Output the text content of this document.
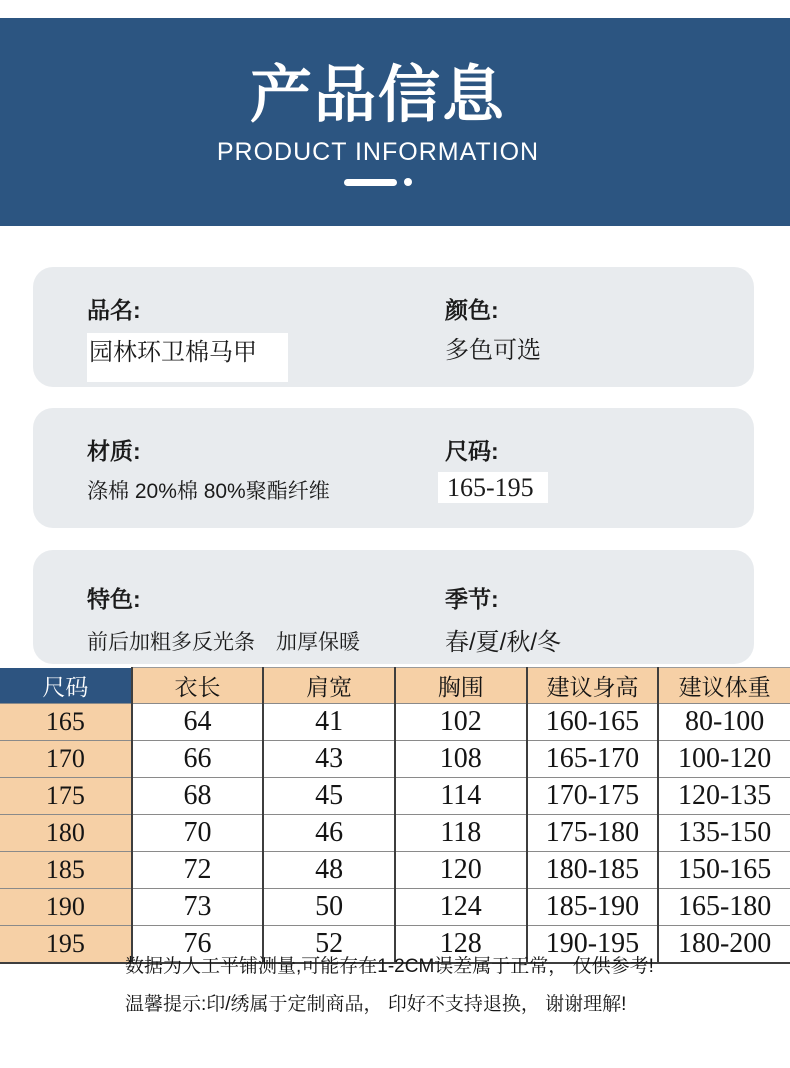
产品信息
PRODUCT INFORMATION
品名:
园林环卫棉马甲
颜色:
多色可选
材质:
涤棉 20%棉 80%聚酯纤维
尺码:
165-195
特色:
前后加粗多反光条　加厚保暖
季节:
春/夏/秋/冬
尺码	衣长	肩宽	胸围	建议身高	建议体重
165	64	41	102	160-165	80-100
170	66	43	108	165-170	100-120
175	68	45	114	170-175	120-135
180	70	46	118	175-180	135-150
185	72	48	120	180-185	150-165
190	73	50	124	185-190	165-180
195	76	52	128	190-195	180-200
数据为人工平铺测量,可能存在1-2CM误差属于正常， 仅供参考!
温馨提示:印/绣属于定制商品， 印好不支持退换， 谢谢理解!
